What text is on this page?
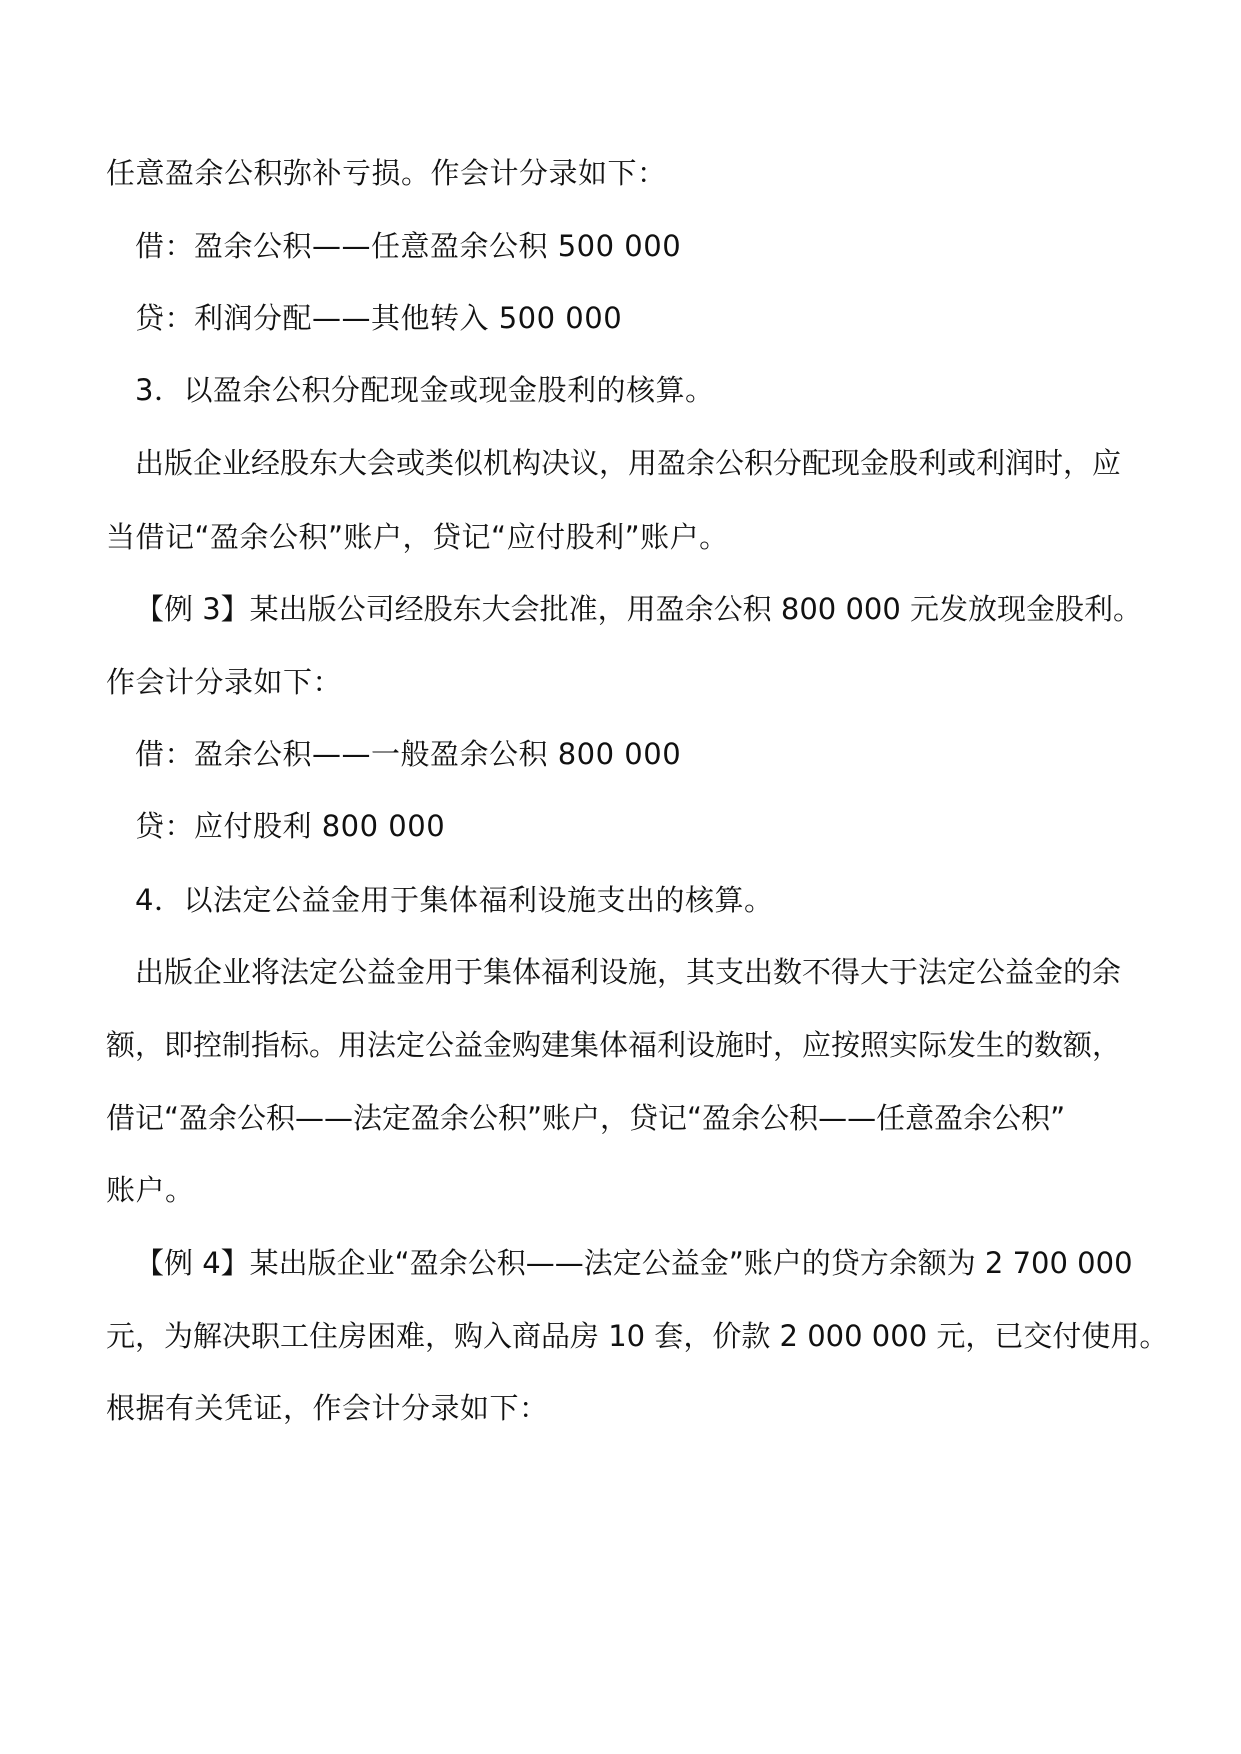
任意盈余公积弥补亏损。作会计分录如下：
借：盈余公积——任意盈余公积 500 000
贷：利润分配——其他转入 500 000
3．以盈余公积分配现金或现金股利的核算。
出版企业经股东大会或类似机构决议，用盈余公积分配现金股利或利润时，应
当借记“盈余公积”账户，贷记“应付股利”账户。
【例 3】某出版公司经股东大会批准，用盈余公积 800 000 元发放现金股利。
作会计分录如下：
借：盈余公积——一般盈余公积 800 000
贷：应付股利 800 000
4．以法定公益金用于集体福利设施支出的核算。
出版企业将法定公益金用于集体福利设施，其支出数不得大于法定公益金的余
额，即控制指标。用法定公益金购建集体福利设施时，应按照实际发生的数额，
借记“盈余公积——法定盈余公积”账户，贷记“盈余公积——任意盈余公积”
账户。
【例 4】某出版企业“盈余公积——法定公益金”账户的贷方余额为 2 700 000
元，为解决职工住房困难，购入商品房 10 套，价款 2 000 000 元，已交付使用。
根据有关凭证，作会计分录如下：
